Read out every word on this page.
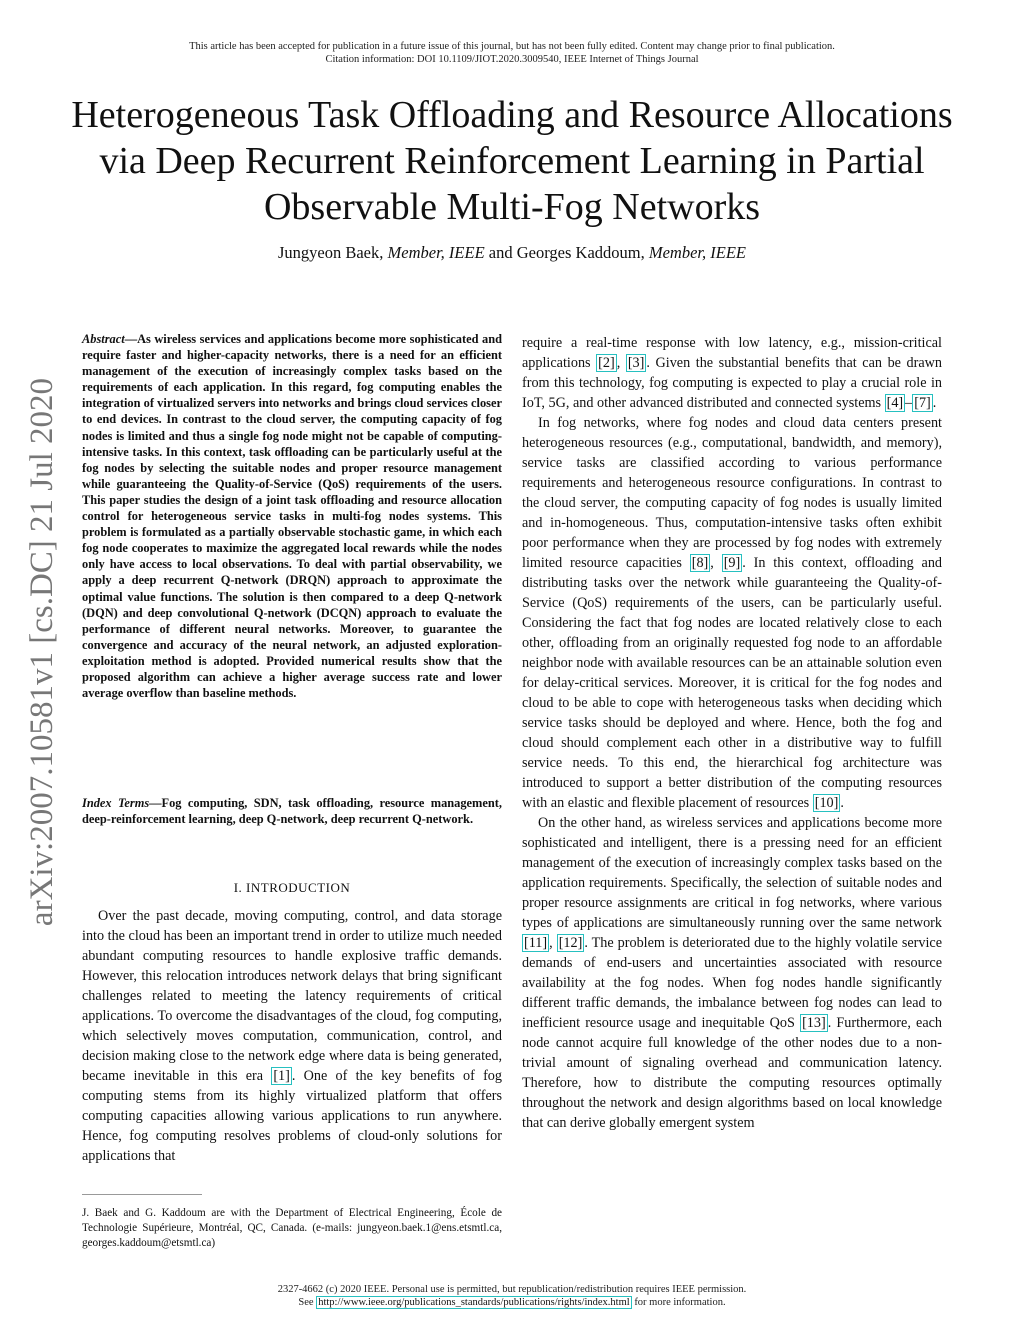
This article has been accepted for publication in a future issue of this journal, but has not been fully edited. Content may change prior to final publication.
Citation information: DOI 10.1109/JIOT.2020.3009540, IEEE Internet of Things Journal
Heterogeneous Task Offloading and Resource Allocations via Deep Recurrent Reinforcement Learning in Partial Observable Multi-Fog Networks
Jungyeon Baek, Member, IEEE and Georges Kaddoum, Member, IEEE
arXiv:2007.10581v1 [cs.DC] 21 Jul 2020
Abstract—As wireless services and applications become more sophisticated and require faster and higher-capacity networks, there is a need for an efficient management of the execution of increasingly complex tasks based on the requirements of each application. In this regard, fog computing enables the integration of virtualized servers into networks and brings cloud services closer to end devices. In contrast to the cloud server, the computing capacity of fog nodes is limited and thus a single fog node might not be capable of computing-intensive tasks. In this context, task offloading can be particularly useful at the fog nodes by selecting the suitable nodes and proper resource management while guaranteeing the Quality-of-Service (QoS) requirements of the users. This paper studies the design of a joint task offloading and resource allocation control for heterogeneous service tasks in multi-fog nodes systems. This problem is formulated as a partially observable stochastic game, in which each fog node cooperates to maximize the aggregated local rewards while the nodes only have access to local observations. To deal with partial observability, we apply a deep recurrent Q-network (DRQN) approach to approximate the optimal value functions. The solution is then compared to a deep Q-network (DQN) and deep convolutional Q-network (DCQN) approach to evaluate the performance of different neural networks. Moreover, to guarantee the convergence and accuracy of the neural network, an adjusted exploration-exploitation method is adopted. Provided numerical results show that the proposed algorithm can achieve a higher average success rate and lower average overflow than baseline methods.
Index Terms—Fog computing, SDN, task offloading, resource management, deep-reinforcement learning, deep Q-network, deep recurrent Q-network.
I. INTRODUCTION

Over the past decade, moving computing, control, and data storage into the cloud has been an important trend in order to utilize much needed abundant computing resources to handle explosive traffic demands. However, this relocation introduces network delays that bring significant challenges related to meeting the latency requirements of critical applications. To overcome the disadvantages of the cloud, fog computing, which selectively moves computation, communication, control, and decision making close to the network edge where data is being generated, became inevitable in this era [1] . One of the key benefits of fog computing stems from its highly virtualized platform that offers computing capacities allowing various applications to run anywhere. Hence, fog computing resolves problems of cloud-only solutions for applications that

require a real-time response with low latency, e.g., mission-critical applications [2] , [3] . Given the substantial benefits that can be drawn from this technology, fog computing is expected to play a crucial role in IoT, 5G, and other advanced distributed and connected systems [4] – [7] .

In fog networks, where fog nodes and cloud data centers present heterogeneous resources (e.g., computational, bandwidth, and memory), service tasks are classified according to various performance requirements and heterogeneous resource configurations. In contrast to the cloud server, the computing capacity of fog nodes is usually limited and in-homogeneous. Thus, computation-intensive tasks often exhibit poor performance when they are processed by fog nodes with extremely limited resource capacities [8] , [9] . In this context, offloading and distributing tasks over the network while guaranteeing the Quality-of-Service (QoS) requirements of the users, can be particularly useful. Considering the fact that fog nodes are located relatively close to each other, offloading from an originally requested fog node to an affordable neighbor node with available resources can be an attainable solution even for delay-critical services. Moreover, it is critical for the fog nodes and cloud to be able to cope with heterogeneous tasks when deciding which service tasks should be deployed and where. Hence, both the fog and cloud should complement each other in a distributive way to fulfill service needs. To this end, the hierarchical fog architecture was introduced to support a better distribution of the computing resources with an elastic and flexible placement of resources [10] .

On the other hand, as wireless services and applications become more sophisticated and intelligent, there is a pressing need for an efficient management of the execution of increasingly complex tasks based on the application requirements. Specifically, the selection of suitable nodes and proper resource assignments are critical in fog networks, where various types of applications are simultaneously running over the same network [11] , [12] . The problem is deteriorated due to the highly volatile service demands of end-users and uncertainties associated with resource availability at the fog nodes. When fog nodes handle significantly different traffic demands, the imbalance between fog nodes can lead to inefficient resource usage and inequitable QoS [13] . Furthermore, each node cannot acquire full knowledge of the other nodes due to a non-trivial amount of signaling overhead and communication latency. Therefore, how to distribute the computing resources optimally throughout the network and design algorithms based on local knowledge that can derive globally emergent system

J. Baek and G. Kaddoum are with the Department of Electrical Engineering, École de Technologie Supérieure, Montréal, QC, Canada. (e-mails: jungyeon.baek.1@ens.etsmtl.ca, georges.kaddoum@etsmtl.ca)
2327-4662 (c) 2020 IEEE. Personal use is permitted, but republication/redistribution requires IEEE permission.
See http://www.ieee.org/publications_standards/publications/rights/index.html for more information.
